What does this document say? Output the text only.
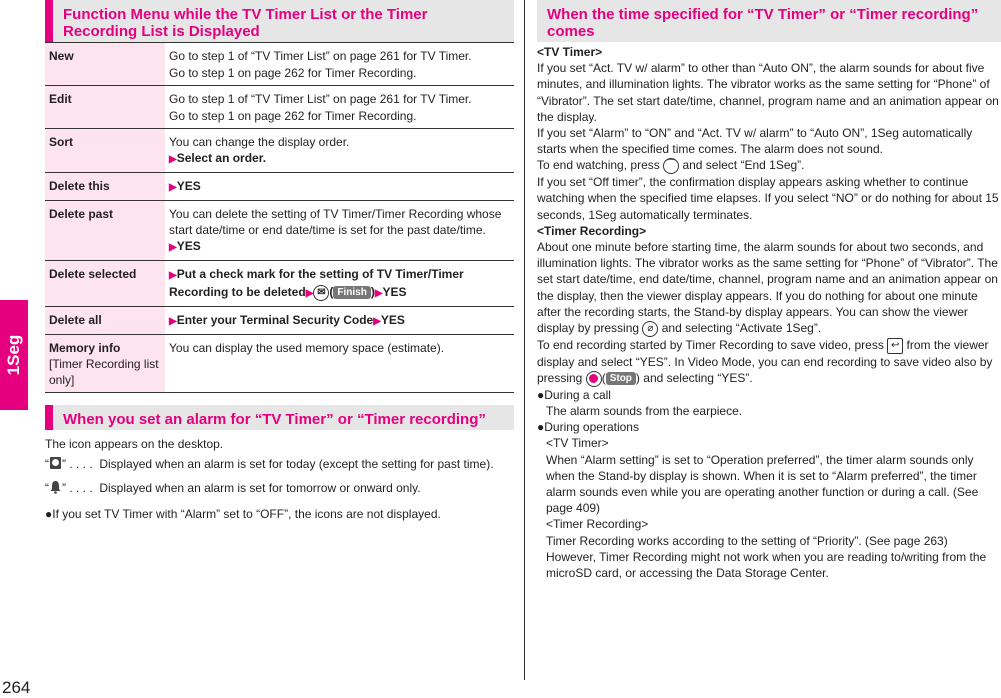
1Seg
264
Function Menu while the TV Timer List or the Timer Recording List is Displayed
New	Go to step 1 of “TV Timer List” on page 261 for TV Timer.
Go to step 1 on page 262 for Timer Recording.

Edit	Go to step 1 of “TV Timer List” on page 261 for TV Timer.
Go to step 1 on page 262 for Timer Recording.

Sort	You can change the display order.
▶Select an order.

Delete this	▶YES

Delete past	You can delete the setting of TV Timer/Timer Recording whose start date/time or end date/time is set for the past date/time.
▶YES

Delete selected	▶Put a check mark for the setting of TV Timer/Timer Recording to be deleted▶ ✉ ( Finish )▶YES
Delete all	▶Enter your Terminal Security Code▶YES

Memory info
[Timer Recording list only]	You can display the used memory space (estimate).
When you set an alarm for “TV Timer” or “Timer recording”
The icon appears on the desktop.
“ ” . . . .  Displayed when an alarm is set for today (except the setting for past time).
“ ” . . . .  Displayed when an alarm is set for tomorrow or onward only.
●If you set TV Timer with “Alarm” set to “OFF”, the icons are not displayed.
When the time specified for “TV Timer” or “Timer recording” comes
<TV Timer>
If you set “Act. TV w/ alarm” to other than “Auto ON”, the alarm sounds for about five minutes, and illumination lights. The vibrator works as the same setting for “Phone” of “Vibrator”. The set start date/time, channel, program name and an animation appear on the display.
If you set “Alarm” to “ON” and “Act. TV w/ alarm” to “Auto ON”, 1Seg automatically starts when the specified time comes. The alarm does not sound.
To end watching, press ⌒ and select “End 1Seg”.
If you set “Off timer”, the confirmation display appears asking whether to continue watching when the specified time elapses. If you select “NO” or do nothing for about 15 seconds, 1Seg automatically terminates.
<Timer Recording>
About one minute before starting time, the alarm sounds for about two seconds, and illumination lights. The vibrator works as the same setting for “Phone” of “Vibrator”. The set start date/time, end date/time, channel, program name and an animation appear on the display, then the viewer display appears. If you do nothing for about one minute after the recording starts, the Stand-by display appears. You can show the viewer display by pressing ⌀ and selecting “Activate 1Seg”.
To end recording started by Timer Recording to save video, press ↩ from the viewer display and select “YES”. In Video Mode, you can end recording to save video also by pressing ( Stop ) and selecting “YES”.
●During a call
The alarm sounds from the earpiece.
●During operations
<TV Timer>
When “Alarm setting” is set to “Operation preferred”, the timer alarm sounds only when the Stand-by display is shown. When it is set to “Alarm preferred”, the timer alarm sounds even while you are operating another function or during a call. (See page 409)
<Timer Recording>
Timer Recording works according to the setting of “Priority”. (See page 263) However, Timer Recording might not work when you are reading to/writing from the microSD card, or accessing the Data Storage Center.
